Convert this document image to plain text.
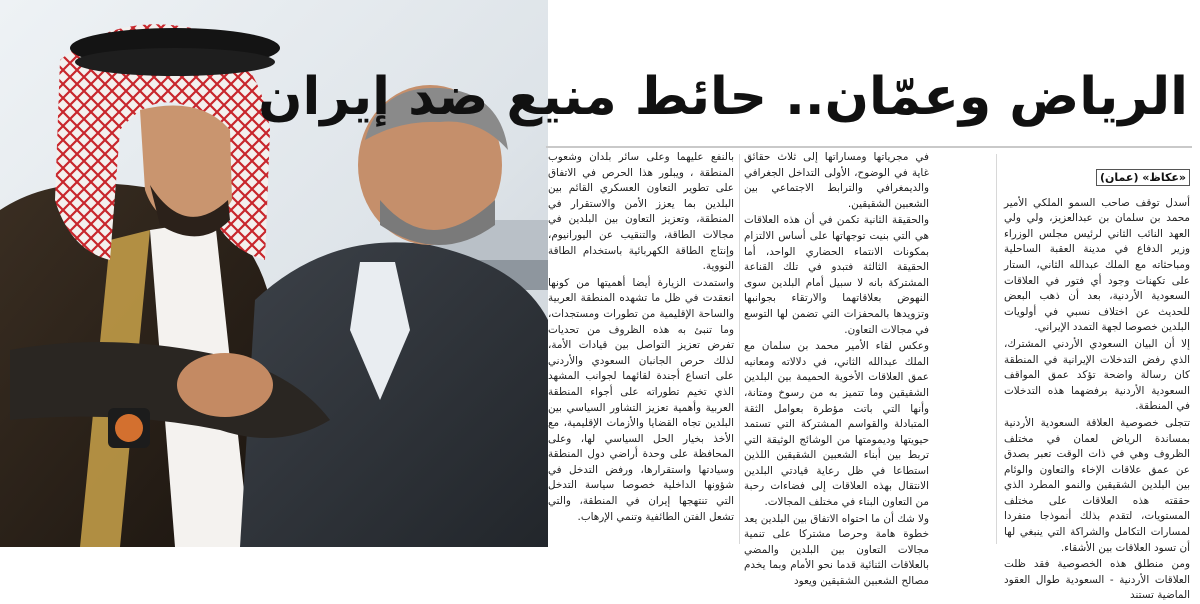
الرياض وعمّان.. حائط منيع ضد إيران
«عكاظ» (عمان)

أسدل توقف صاحب السمو الملكي الأمير محمد بن سلمان بن عبدالعزيز، ولي ولي العهد النائب الثاني لرئيس مجلس الوزراء وزير الدفاع في مدينة العقبة الساحلية ومباحثاته مع الملك عبدالله الثاني، الستار على تكهنات وجود أي فتور في العلاقات السعودية الأردنية، بعد أن ذهب البعض للحديث عن اختلاف نسبي في أولويات البلدين خصوصا لجهة التمدد الإيراني.

إلا أن البيان السعودي الأردني المشترك، الذي رفض التدخلات الإيرانية في المنطقة كان رسالة واضحة تؤكد عمق المواقف السعودية الأردنية برفضهما هذه التدخلات في المنطقة.

تتجلى خصوصية العلاقة السعودية الأردنية بمساندة الرياض لعمان في مختلف الظروف وهي في ذات الوقت تعبر بصدق عن عمق علاقات الإخاء والتعاون والوئام بين البلدين الشقيقين والنمو المطرد الذي حققته هذه العلاقات على مختلف المستويات، لتقدم بذلك أنموذجا متفردا لمسارات التكامل والشراكة التي ينبغي لها أن تسود العلاقات بين الأشقاء.

ومن منطلق هذه الخصوصية فقد ظلت العلاقات الأردنية - السعودية طوال العقود الماضية تستند

في مجرياتها ومساراتها إلى ثلاث حقائق غاية في الوضوح، الأولى التداخل الجغرافي والديمغرافي والترابط الاجتماعي بين الشعبين الشقيقين.

والحقيقة الثانية تكمن في أن هذه العلاقات هي التي بنيت توجهاتها على أساس الالتزام بمكونات الانتماء الحضاري الواحد، أما الحقيقة الثالثة فتبدو في تلك القناعة المشتركة بانه لا سبيل أمام البلدين سوى النهوض بعلاقاتهما والارتقاء بجوانبها وتزويدها بالمحفزات التي تضمن لها التوسع في مجالات التعاون.

وعكس لقاء الأمير محمد بن سلمان مع الملك عبدالله الثاني، في دلالاته ومعانيه عمق العلاقات الأخوية الحميمة بين البلدين الشقيقين وما تتميز به من رسوخ ومتانة، وأنها التي باتت مؤطرة بعوامل الثقة المتبادلة والقواسم المشتركة التي تستمد حيويتها وديمومتها من الوشائج الوثيقة التي تربط بين أبناء الشعبين الشقيقين اللذين استطاعا في ظل رعاية قيادتي البلدين الانتقال بهذه العلاقات إلى فضاءات رحبة من التعاون البناء في مختلف المجالات.

ولا شك أن ما احتواه الاتفاق بين البلدين يعد خطوة هامة وحرصا مشتركا على تنمية مجالات التعاون بين البلدين والمضي بالعلاقات الثنائية قدما نحو الأمام وبما يخدم مصالح الشعبين الشقيقين ويعود

بالنفع عليهما وعلى سائر بلدان وشعوب المنطقة ، ويبلور هذا الحرص في الاتفاق على تطوير التعاون العسكري القائم بين البلدين بما يعزز الأمن والاستقرار في المنطقة، وتعزيز التعاون بين البلدين في مجالات الطاقة، والتنقيب عن اليورانيوم، وإنتاج الطاقة الكهربائية باستخدام الطاقة النووية.

واستمدت الزيارة أيضا أهميتها من كونها انعقدت في ظل ما تشهده المنطقة العربية والساحة الإقليمية من تطورات ومستجدات، وما تنبئ به هذه الظروف من تحديات تفرض تعزيز التواصل بين قيادات الأمة، لذلك حرص الجانبان السعودي والأردني على اتساع أجندة لقائهما لجوانب المشهد الذي تخيم تطوراته على أجواء المنطقة العربية وأهمية تعزيز التشاور السياسي بين البلدين تجاه القضايا والأزمات الإقليمية، مع الأخذ بخيار الحل السياسي لها، وعلى المحافظة على وحدة أراضي دول المنطقة وسيادتها واستقرارها، ورفض التدخل في شؤونها الداخلية خصوصا سياسة التدخل التي تنتهجها إيران في المنطقة، والتي تشعل الفتن الطائفية وتنمي الإرهاب.
